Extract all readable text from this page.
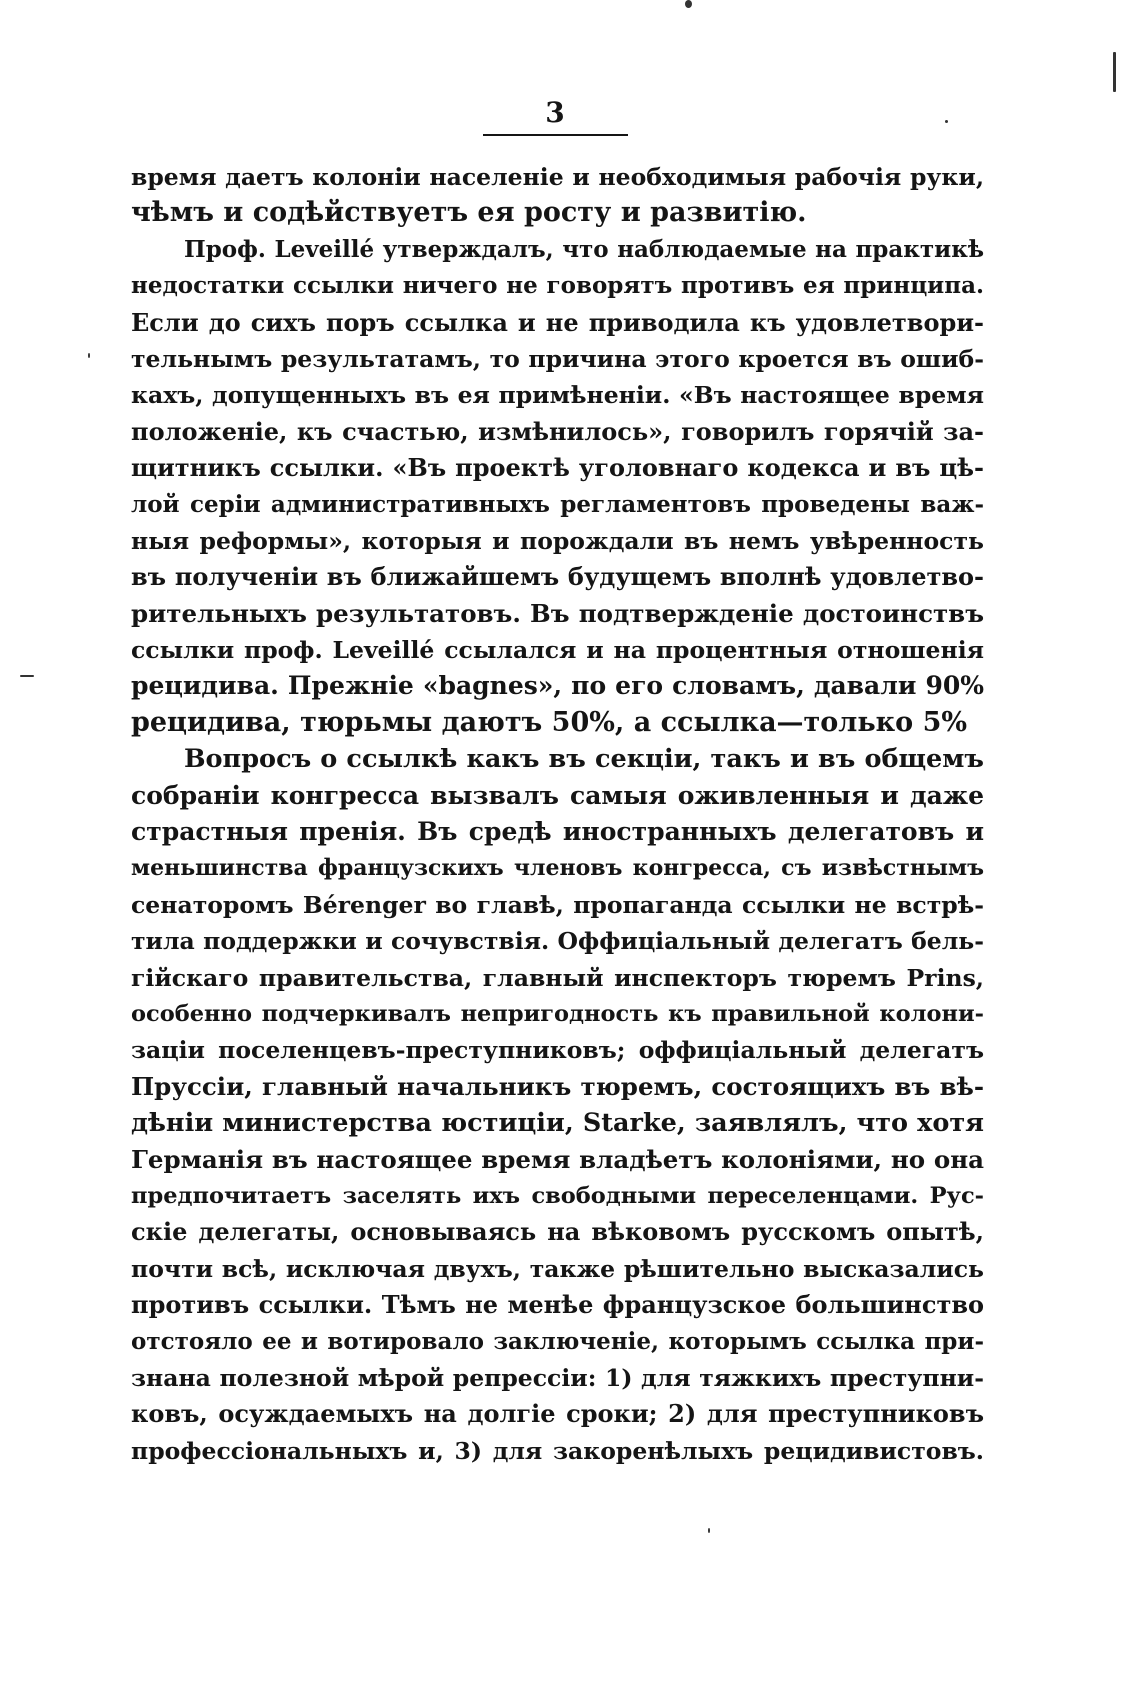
3
время даетъ колоніи населеніе и необходимыя рабочія руки,
чѣмъ и содѣйствуетъ ея росту и развитію.
Проф. Leveillé утверждалъ, что наблюдаемые на практикѣ
недостатки ссылки ничего не говорятъ противъ ея принципа.
Если до сихъ поръ ссылка и не приводила къ удовлетвори-
тельнымъ результатамъ, то причина этого кроется въ ошиб-
кахъ, допущенныхъ въ ея примѣненіи. «Въ настоящее время
положеніе, къ счастью, измѣнилось», говорилъ горячій за-
щитникъ ссылки. «Въ проектѣ уголовнаго кодекса и въ цѣ-
лой серіи административныхъ регламентовъ проведены важ-
ныя реформы», которыя и порождали въ немъ увѣренность
въ полученіи въ ближайшемъ будущемъ вполнѣ удовлетво-
рительныхъ результатовъ. Въ подтвержденіе достоинствъ
ссылки проф. Leveillé ссылался и на процентныя отношенія
рецидива. Прежніе «bagnes», по его словамъ, давали 90%
рецидива, тюрьмы даютъ 50%, а ссылка—только 5%
Вопросъ о ссылкѣ какъ въ секціи, такъ и въ общемъ
собраніи конгресса вызвалъ самыя оживленныя и даже
страстныя пренія. Въ средѣ иностранныхъ делегатовъ и
меньшинства французскихъ членовъ конгресса, съ извѣстнымъ
сенаторомъ Bérenger во главѣ, пропаганда ссылки не встрѣ-
тила поддержки и сочувствія. Оффиціальный делегатъ бель-
гійскаго правительства, главный инспекторъ тюремъ Prins,
особенно подчеркивалъ непригодность къ правильной колони-
заціи поселенцевъ-преступниковъ; оффиціальный делегатъ
Пруссіи, главный начальникъ тюремъ, состоящихъ въ вѣ-
дѣніи министерства юстиціи, Starke, заявлялъ, что хотя
Германія въ настоящее время владѣетъ колоніями, но она
предпочитаетъ заселять ихъ свободными переселенцами. Рус-
скіе делегаты, основываясь на вѣковомъ русскомъ опытѣ,
почти всѣ, исключая двухъ, также рѣшительно высказались
противъ ссылки. Тѣмъ не менѣе французское большинство
отстояло ее и вотировало заключеніе, которымъ ссылка при-
знана полезной мѣрой репрессіи: 1) для тяжкихъ преступни-
ковъ, осуждаемыхъ на долгіе сроки; 2) для преступниковъ
профессіональныхъ и, 3) для закоренѣлыхъ рецидивистовъ.
